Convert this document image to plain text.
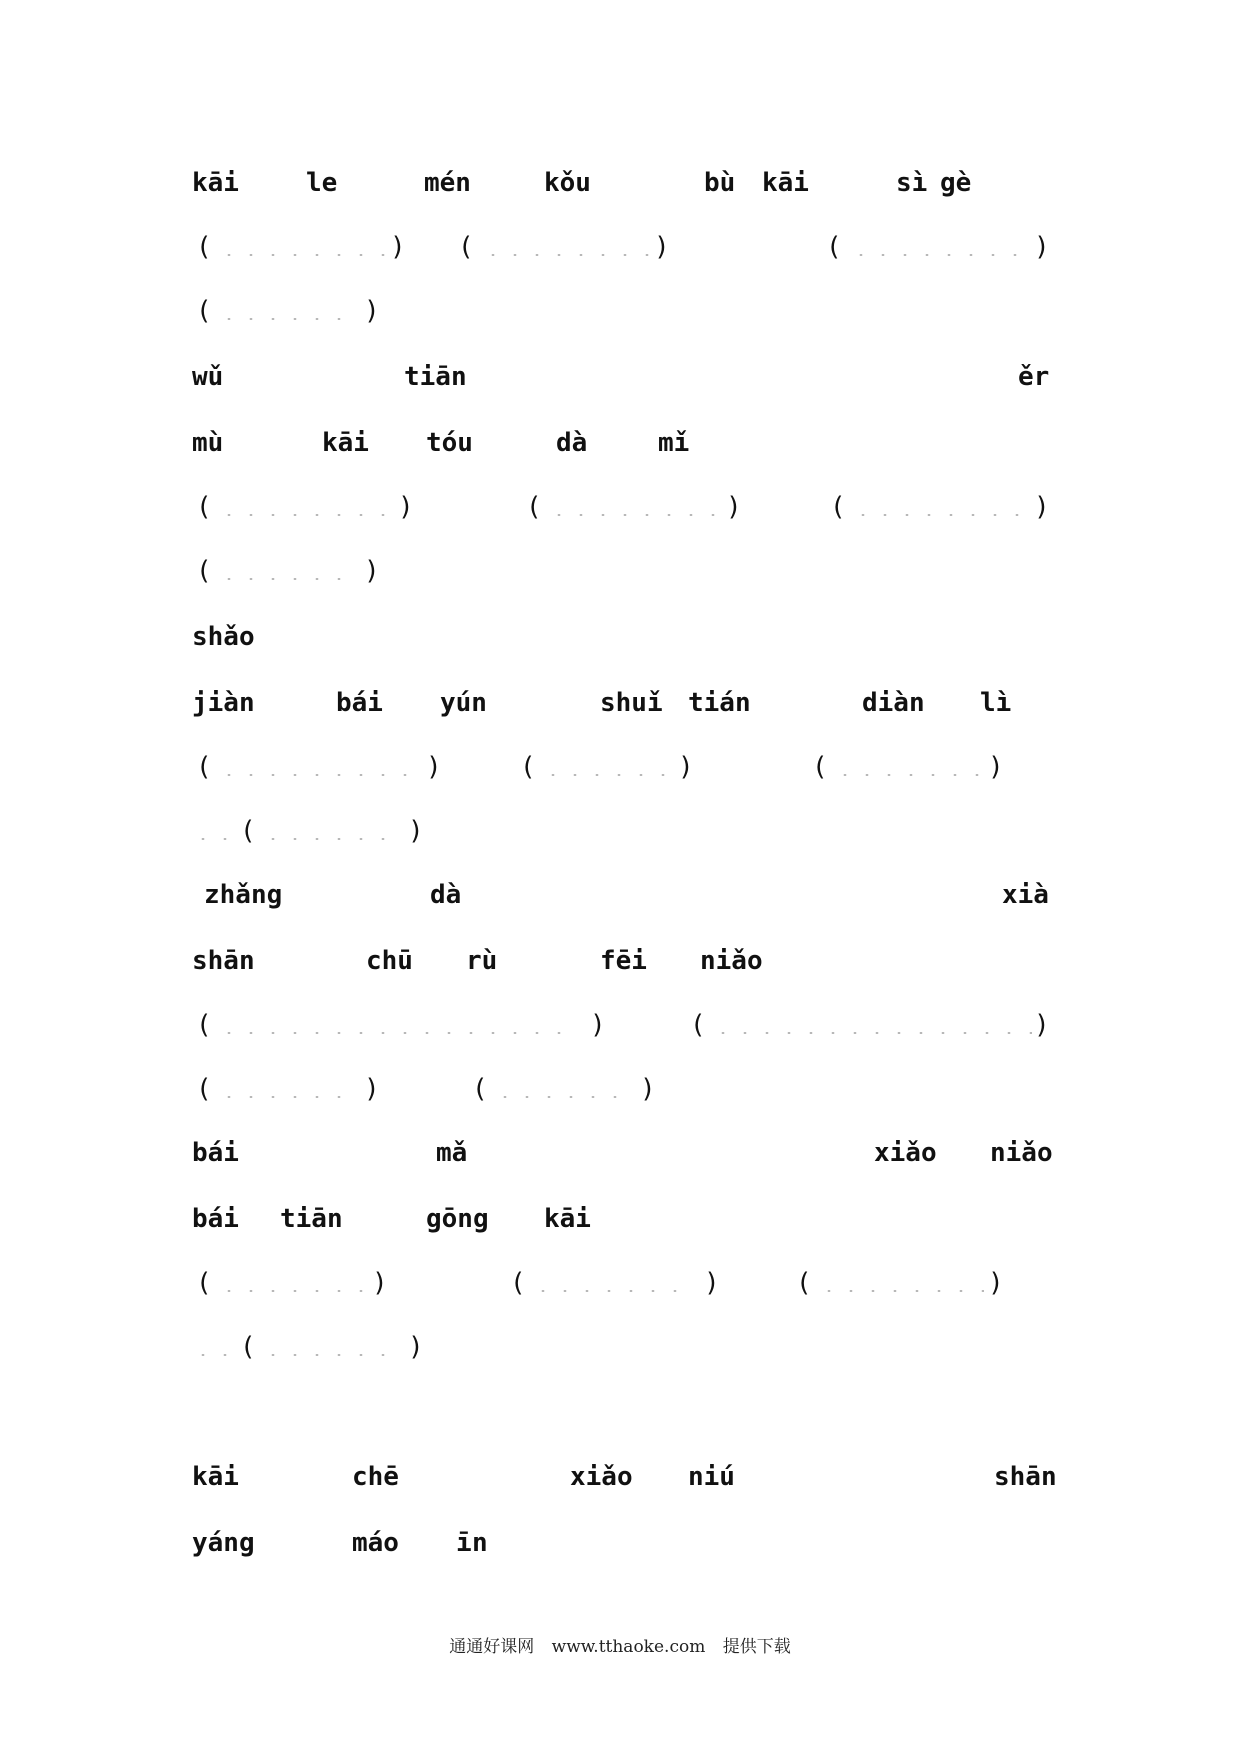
kāi	le	mén	kǒu	bù kāi	sì gè
(	) (	)	(	)
(	)
wǔ	tiān	ěr
mù	kāi tóu	dà	mǐ
(	)	(	)	(	)
(	)
shǎo
jiàn	bái yún	shuǐ tián	diàn lì
(	)	(	)	(	)
(	)
zhǎng	dà	xià
shān	chū rù	fēi niǎo
(	)	(	)
(	)	(	)
bái	mǎ	xiǎo niǎo
bái tiān	gōng kāi
(	)	(	)	(	)
(	)
kāi	chē	xiǎo niú	shān
yáng	máo ī n
通通好课网 www.tthaoke.com 提供下载
